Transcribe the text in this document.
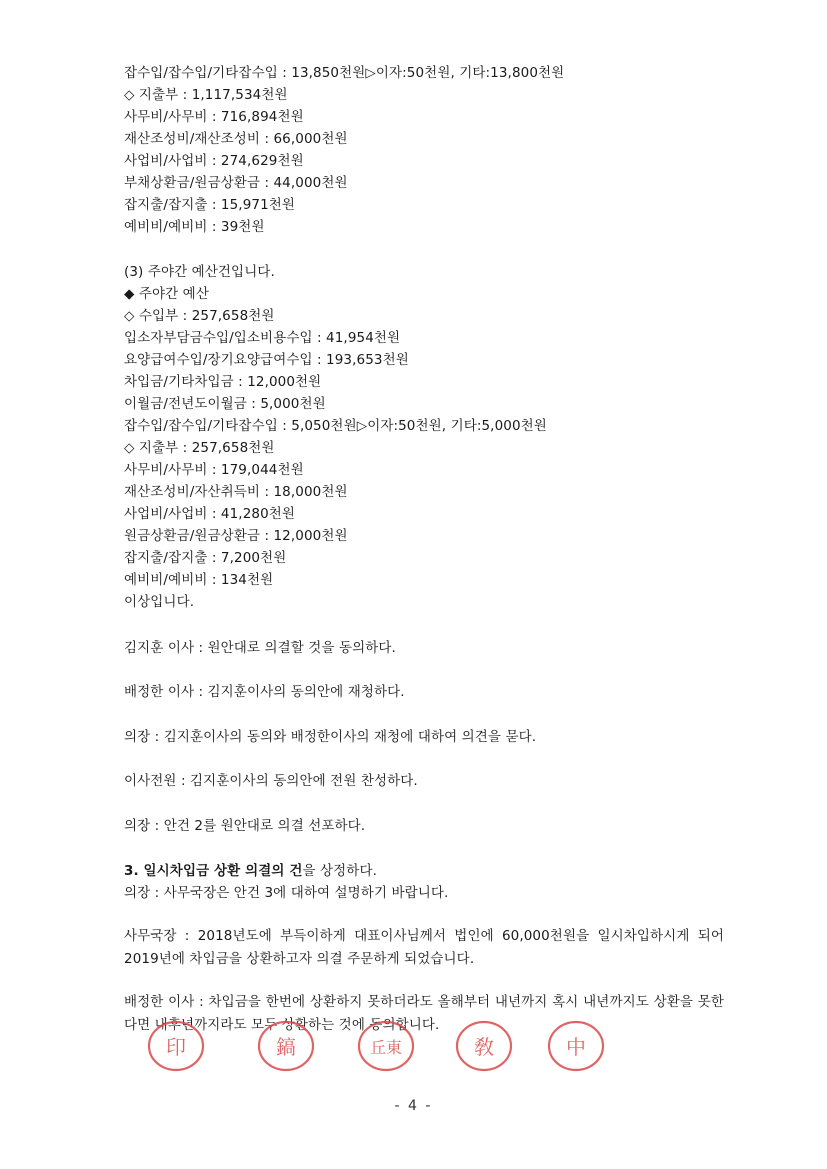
잡수입/잡수입/기타잡수입 : 13,850천원▷이자:50천원, 기타:13,800천원
◇ 지출부 : 1,117,534천원
사무비/사무비 : 716,894천원
재산조성비/재산조성비 : 66,000천원
사업비/사업비 : 274,629천원
부채상환금/원금상환금 : 44,000천원
잡지출/잡지출 : 15,971천원
예비비/예비비 : 39천원
(3) 주야간 예산건입니다.
◆ 주야간 예산
◇ 수입부 : 257,658천원
입소자부담금수입/입소비용수입 : 41,954천원
요양급여수입/장기요양급여수입 : 193,653천원
차입금/기타차입금 : 12,000천원
이월금/전년도이월금 : 5,000천원
잡수입/잡수입/기타잡수입 : 5,050천원▷이자:50천원, 기타:5,000천원
◇ 지출부 : 257,658천원
사무비/사무비 : 179,044천원
재산조성비/자산취득비 : 18,000천원
사업비/사업비 : 41,280천원
원금상환금/원금상환금 : 12,000천원
잡지출/잡지출 : 7,200천원
예비비/예비비 : 134천원
이상입니다.
김지훈 이사 : 원안대로 의결할 것을 동의하다.
배정한 이사 : 김지훈이사의 동의안에 재청하다.
의장 : 김지훈이사의 동의와 배정한이사의 재청에 대하여 의견을 묻다.
이사전원 : 김지훈이사의 동의안에 전원 찬성하다.
의장 : 안건 2를 원안대로 의결 선포하다.
3. 일시차입금 상환 의결의 건을 상정하다.
의장 : 사무국장은 안건 3에 대하여 설명하기 바랍니다.
사무국장 : 2018년도에 부득이하게 대표이사님께서 법인에 60,000천원을 일시차입하시게 되어 2019년에 차입금을 상환하고자 의결 주문하게 되었습니다.
배정한 이사 : 차입금을 한번에 상환하지 못하더라도 올해부터 내년까지 혹시 내년까지도 상환을 못한다면 내후년까지라도 모두 상환하는 것에 동의합니다.
印	鎬	丘東	敎	中
- 4 -
